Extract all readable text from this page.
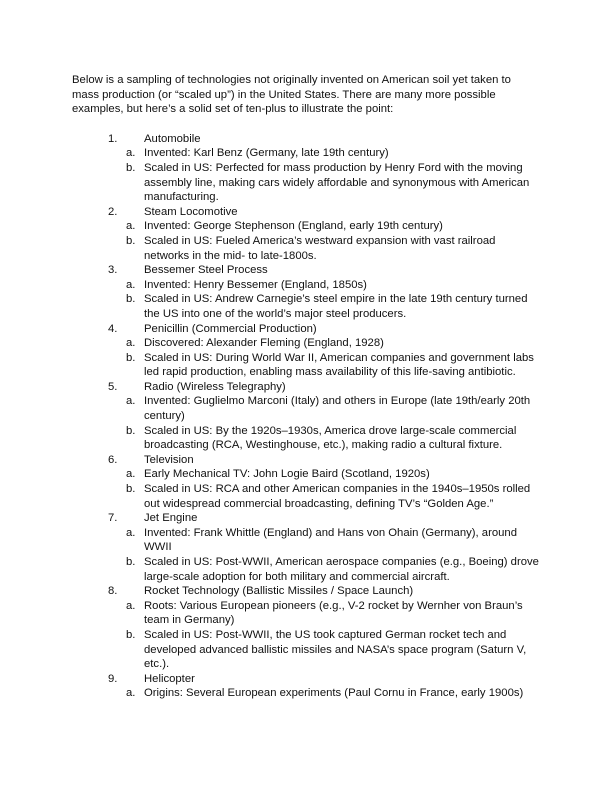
Below is a sampling of technologies not originally invented on American soil yet taken to mass production (or “scaled up”) in the United States. There are many more possible examples, but here’s a solid set of ten-plus to illustrate the point:

1. Automobile
a. Invented: Karl Benz (Germany, late 19th century)
b. Scaled in US: Perfected for mass production by Henry Ford with the moving assembly line, making cars widely affordable and synonymous with American manufacturing.
2. Steam Locomotive
a. Invented: George Stephenson (England, early 19th century)
b. Scaled in US: Fueled America’s westward expansion with vast railroad networks in the mid- to late-1800s.
3. Bessemer Steel Process
a. Invented: Henry Bessemer (England, 1850s)
b. Scaled in US: Andrew Carnegie’s steel empire in the late 19th century turned the US into one of the world’s major steel producers.
4. Penicillin (Commercial Production)
a. Discovered: Alexander Fleming (England, 1928)
b. Scaled in US: During World War II, American companies and government labs led rapid production, enabling mass availability of this life-saving antibiotic.
5. Radio (Wireless Telegraphy)
a. Invented: Guglielmo Marconi (Italy) and others in Europe (late 19th/early 20th century)
b. Scaled in US: By the 1920s–1930s, America drove large-scale commercial broadcasting (RCA, Westinghouse, etc.), making radio a cultural fixture.
6. Television
a. Early Mechanical TV: John Logie Baird (Scotland, 1920s)
b. Scaled in US: RCA and other American companies in the 1940s–1950s rolled out widespread commercial broadcasting, defining TV’s “Golden Age.”
7. Jet Engine
a. Invented: Frank Whittle (England) and Hans von Ohain (Germany), around WWII
b. Scaled in US: Post-WWII, American aerospace companies (e.g., Boeing) drove large-scale adoption for both military and commercial aircraft.
8. Rocket Technology (Ballistic Missiles / Space Launch)
a. Roots: Various European pioneers (e.g., V-2 rocket by Wernher von Braun’s team in Germany)
b. Scaled in US: Post-WWII, the US took captured German rocket tech and developed advanced ballistic missiles and NASA’s space program (Saturn V, etc.).
9. Helicopter
a. Origins: Several European experiments (Paul Cornu in France, early 1900s)
